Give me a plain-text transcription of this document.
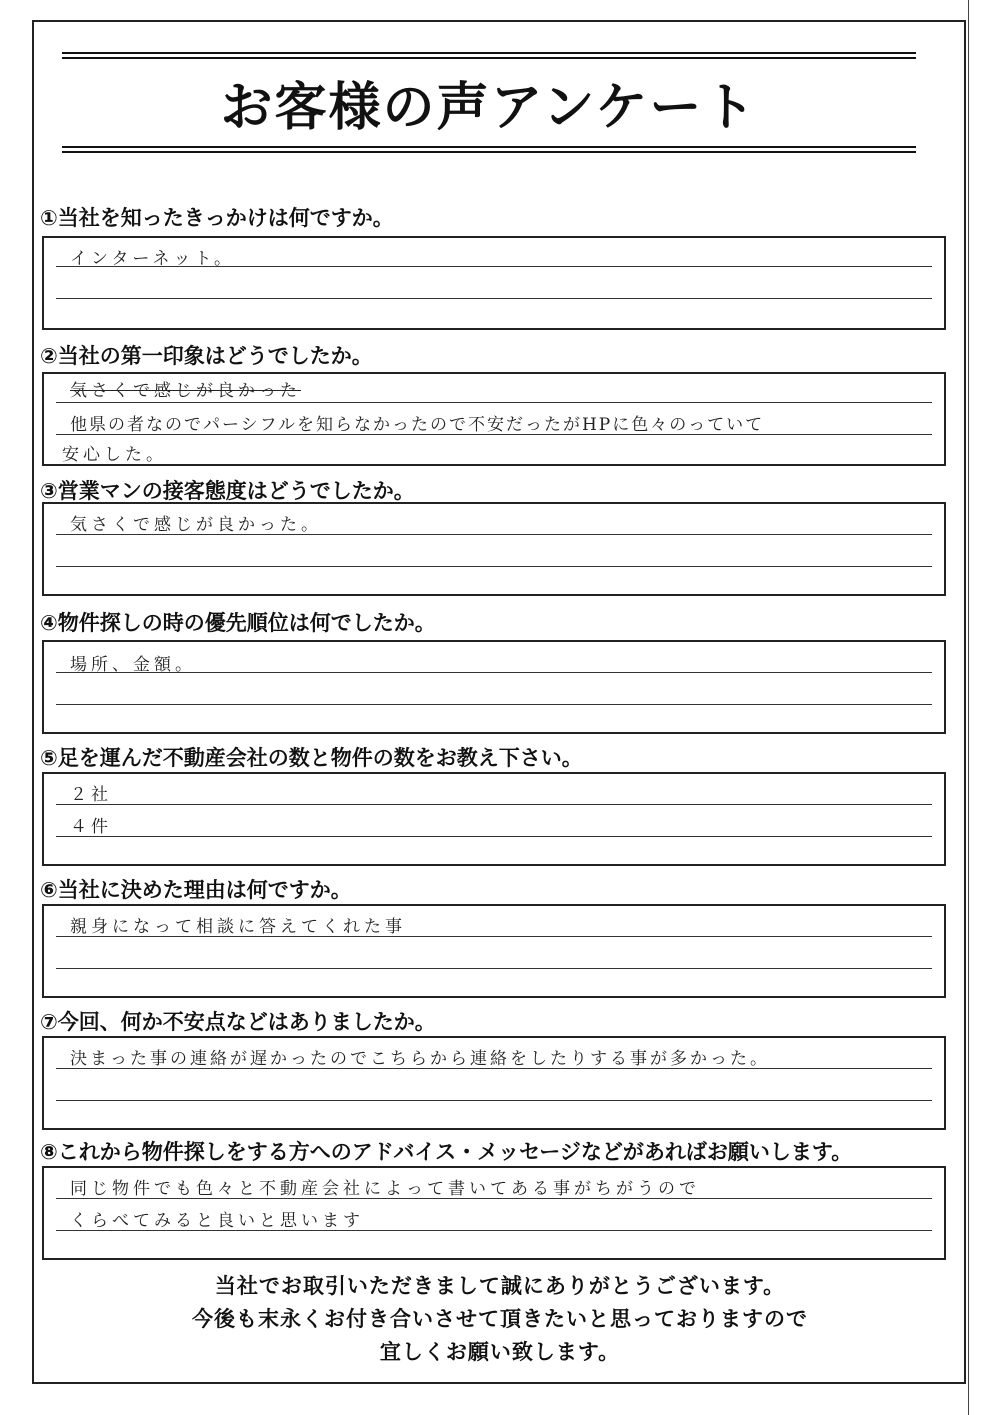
お客様の声アンケート
①当社を知ったきっかけは何ですか。
インターネット。
②当社の第一印象はどうでしたか。
気さくで感じが良かった
他県の者なのでパーシフルを知らなかったので不安だったがHPに色々のっていて
安心した。
③営業マンの接客態度はどうでしたか。
気さくで感じが良かった。
④物件探しの時の優先順位は何でしたか。
場所、金額。
⑤足を運んだ不動産会社の数と物件の数をお教え下さい。
２社
４件
⑥当社に決めた理由は何ですか。
親身になって相談に答えてくれた事
⑦今回、何か不安点などはありましたか。
決まった事の連絡が遅かったのでこちらから連絡をしたりする事が多かった。
⑧これから物件探しをする方へのアドバイス・メッセージなどがあればお願いします。
同じ物件でも色々と不動産会社によって書いてある事がちがうので
くらべてみると良いと思います
当社でお取引いただきまして誠にありがとうございます。
今後も末永くお付き合いさせて頂きたいと思っておりますので
宜しくお願い致します。
